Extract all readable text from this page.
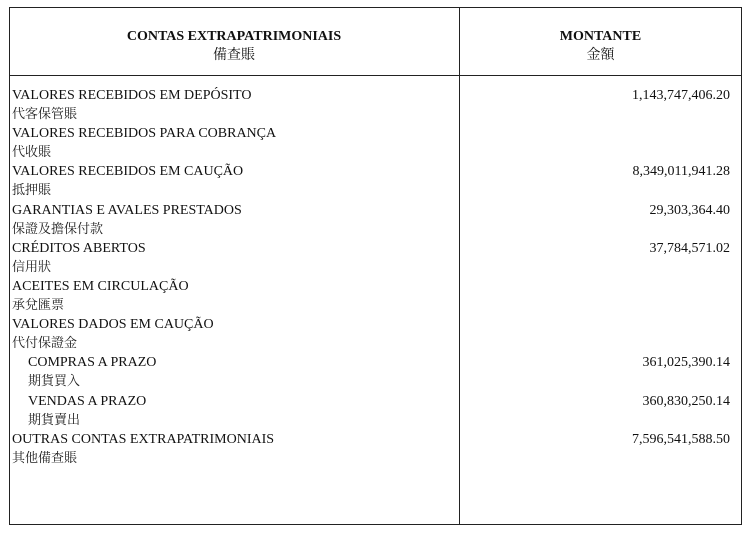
CONTAS EXTRAPATRIMONIAIS
備查賬
MONTANTE
金額
VALORES RECEBIDOS EM DEPÓSITO
代客保管賬
1,143,747,406.20
VALORES RECEBIDOS PARA COBRANÇA
代收賬
VALORES RECEBIDOS EM CAUÇÃO
抵押賬
8,349,011,941.28
GARANTIAS E AVALES PRESTADOS
保證及擔保付款
29,303,364.40
CRÉDITOS ABERTOS
信用狀
37,784,571.02
ACEITES EM CIRCULAÇÃO
承兌匯票
VALORES DADOS EM CAUÇÃO
代付保證金
COMPRAS A PRAZO
期貨買入
361,025,390.14
VENDAS A PRAZO
期貨賣出
360,830,250.14
OUTRAS CONTAS EXTRAPATRIMONIAIS
其他備查賬
7,596,541,588.50
